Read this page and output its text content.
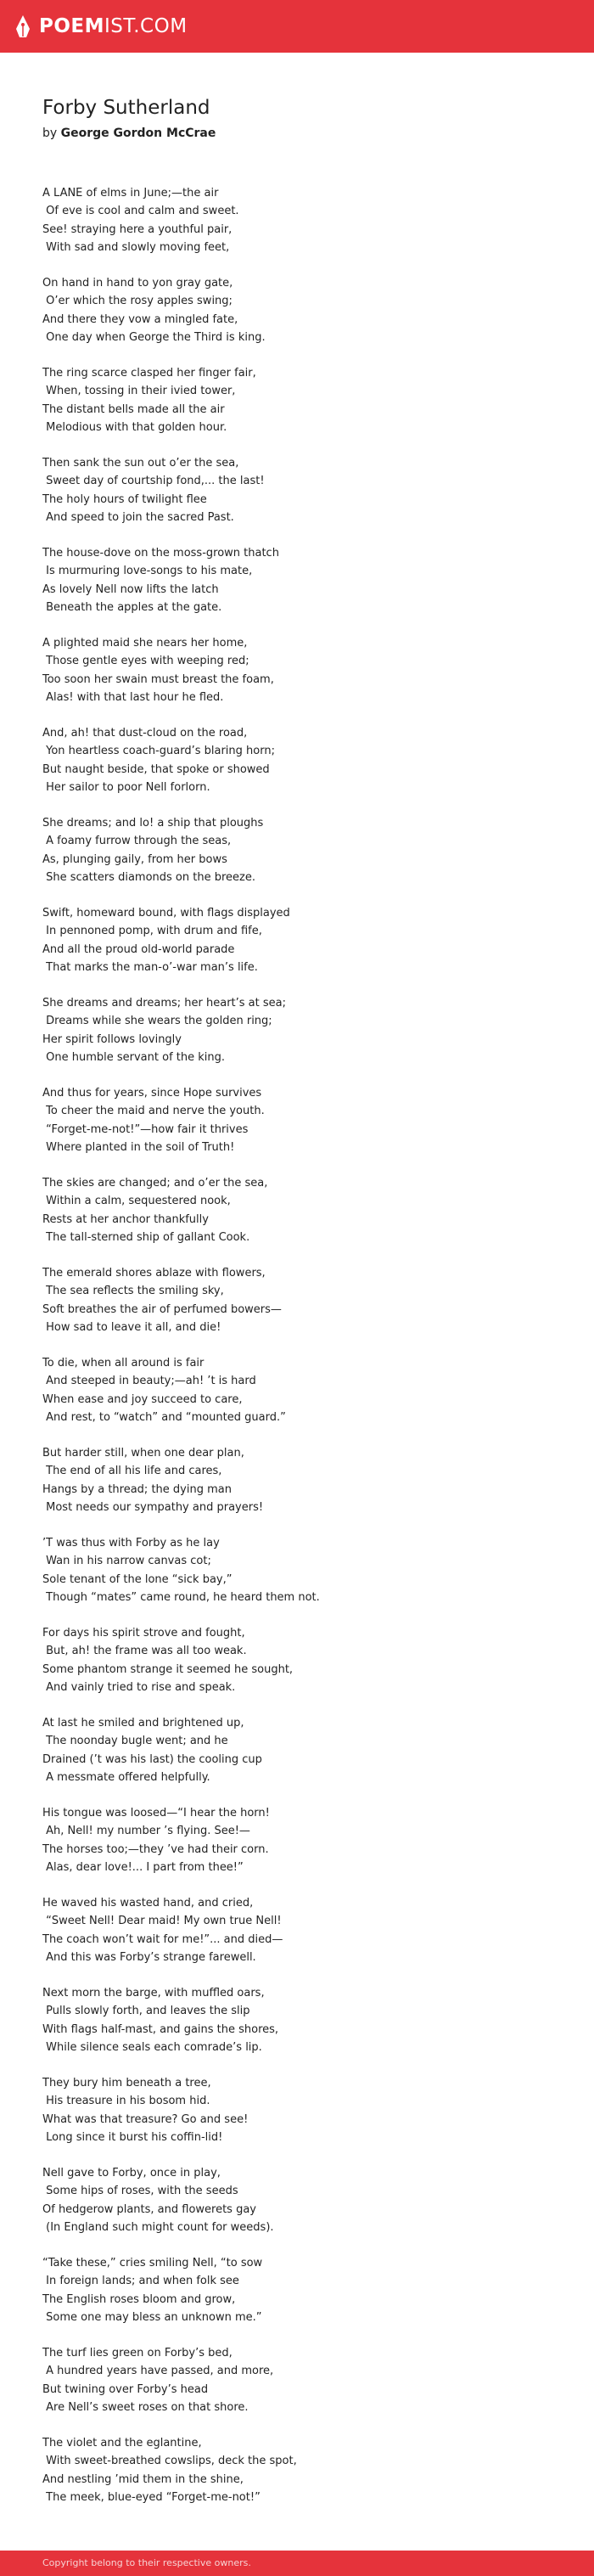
POEMIST.COM
Forby Sutherland
by George Gordon McCrae
A LANE of elms in June;—the air
Of eve is cool and calm and sweet.
See! straying here a youthful pair,
With sad and slowly moving feet,
On hand in hand to yon gray gate,
O’er which the rosy apples swing;
And there they vow a mingled fate,
One day when George the Third is king.
The ring scarce clasped her finger fair,
When, tossing in their ivied tower,
The distant bells made all the air
Melodious with that golden hour.
Then sank the sun out o’er the sea,
Sweet day of courtship fond,... the last!
The holy hours of twilight flee
And speed to join the sacred Past.
The house-dove on the moss-grown thatch
Is murmuring love-songs to his mate,
As lovely Nell now lifts the latch
Beneath the apples at the gate.
A plighted maid she nears her home,
Those gentle eyes with weeping red;
Too soon her swain must breast the foam,
Alas! with that last hour he fled.
And, ah! that dust-cloud on the road,
Yon heartless coach-guard’s blaring horn;
But naught beside, that spoke or showed
Her sailor to poor Nell forlorn.
She dreams; and lo! a ship that ploughs
A foamy furrow through the seas,
As, plunging gaily, from her bows
She scatters diamonds on the breeze.
Swift, homeward bound, with flags displayed
In pennoned pomp, with drum and fife,
And all the proud old-world parade
That marks the man-o’-war man’s life.
She dreams and dreams; her heart’s at sea;
Dreams while she wears the golden ring;
Her spirit follows lovingly
One humble servant of the king.
And thus for years, since Hope survives
To cheer the maid and nerve the youth.
“Forget-me-not!”—how fair it thrives
Where planted in the soil of Truth!
The skies are changed; and o’er the sea,
Within a calm, sequestered nook,
Rests at her anchor thankfully
The tall-sterned ship of gallant Cook.
The emerald shores ablaze with flowers,
The sea reflects the smiling sky,
Soft breathes the air of perfumed bowers—
How sad to leave it all, and die!
To die, when all around is fair
And steeped in beauty;—ah! ’t is hard
When ease and joy succeed to care,
And rest, to “watch” and “mounted guard.”
But harder still, when one dear plan,
The end of all his life and cares,
Hangs by a thread; the dying man
Most needs our sympathy and prayers!
’T was thus with Forby as he lay
Wan in his narrow canvas cot;
Sole tenant of the lone “sick bay,”
Though “mates” came round, he heard them not.
For days his spirit strove and fought,
But, ah! the frame was all too weak.
Some phantom strange it seemed he sought,
And vainly tried to rise and speak.
At last he smiled and brightened up,
The noonday bugle went; and he
Drained (’t was his last) the cooling cup
A messmate offered helpfully.
His tongue was loosed—“I hear the horn!
Ah, Nell! my number ’s flying. See!—
The horses too;—they ’ve had their corn.
Alas, dear love!... I part from thee!”
He waved his wasted hand, and cried,
“Sweet Nell! Dear maid! My own true Nell!
The coach won’t wait for me!”... and died—
And this was Forby’s strange farewell.
Next morn the barge, with muffled oars,
Pulls slowly forth, and leaves the slip
With flags half-mast, and gains the shores,
While silence seals each comrade’s lip.
They bury him beneath a tree,
His treasure in his bosom hid.
What was that treasure? Go and see!
Long since it burst his coffin-lid!
Nell gave to Forby, once in play,
Some hips of roses, with the seeds
Of hedgerow plants, and flowerets gay
(In England such might count for weeds).
“Take these,” cries smiling Nell, “to sow
In foreign lands; and when folk see
The English roses bloom and grow,
Some one may bless an unknown me.”
The turf lies green on Forby’s bed,
A hundred years have passed, and more,
But twining over Forby’s head
Are Nell’s sweet roses on that shore.
The violet and the eglantine,
With sweet-breathed cowslips, deck the spot,
And nestling ’mid them in the shine,
The meek, blue-eyed “Forget-me-not!”
Copyright belong to their respective owners.
